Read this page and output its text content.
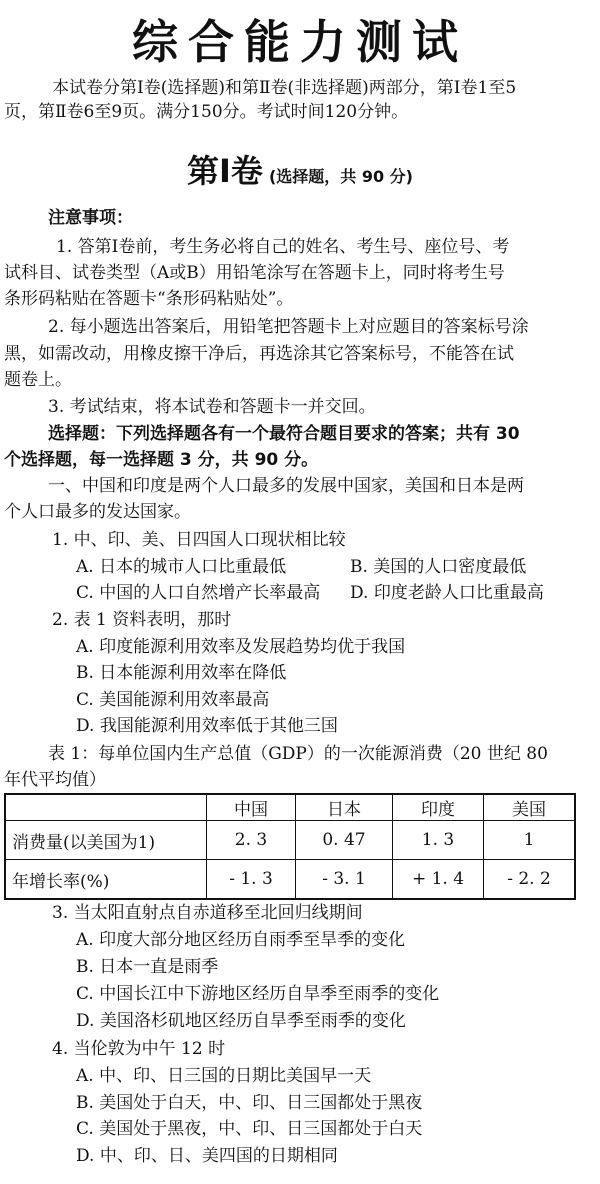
综合能力测试
本试卷分第Ⅰ卷(选择题)和第Ⅱ卷(非选择题)两部分，第Ⅰ卷1至5
页，第Ⅱ卷6至9页。满分150分。考试时间120分钟。
第Ⅰ卷 (选择题，共 90 分)
注意事项：
1. 答第Ⅰ卷前，考生务必将自己的姓名、考生号、座位号、考
试科目、试卷类型（A或B）用铅笔涂写在答题卡上，同时将考生号
条形码粘贴在答题卡“条形码粘贴处”。
2. 每小题选出答案后，用铅笔把答题卡上对应题目的答案标号涂
黑，如需改动，用橡皮擦干净后，再选涂其它答案标号，不能答在试
题卷上。
3. 考试结束，将本试卷和答题卡一并交回。
选择题：下列选择题各有一个最符合题目要求的答案；共有 30
个选择题，每一选择题 3 分，共 90 分。
一、中国和印度是两个人口最多的发展中国家，美国和日本是两
个人口最多的发达国家。
1. 中、印、美、日四国人口现状相比较
A. 日本的城市人口比重最低	B. 美国的人口密度最低
C. 中国的人口自然增产长率最高 D. 印度老龄人口比重最高
2. 表 1 资料表明，那时
A. 印度能源利用效率及发展趋势均优于我国
B. 日本能源利用效率在降低
C. 美国能源利用效率最高
D. 我国能源利用效率低于其他三国
表 1：每单位国内生产总值（GDP）的一次能源消费（20 世纪 80
年代平均值）
	中国	日本	印度	美国
消费量(以美国为1)	2. 3	0. 47	1. 3	1
年增长率(%)	- 1. 3	- 3. 1	+ 1. 4	- 2. 2
3. 当太阳直射点自赤道移至北回归线期间
A. 印度大部分地区经历自雨季至旱季的变化
B. 日本一直是雨季
C. 中国长江中下游地区经历自旱季至雨季的变化
D. 美国洛杉矶地区经历自旱季至雨季的变化
4. 当伦敦为中午 12 时
A. 中、印、日三国的日期比美国早一天
B. 美国处于白天，中、印、日三国都处于黑夜
C. 美国处于黑夜，中、印、日三国都处于白天
D. 中、印、日、美四国的日期相同
